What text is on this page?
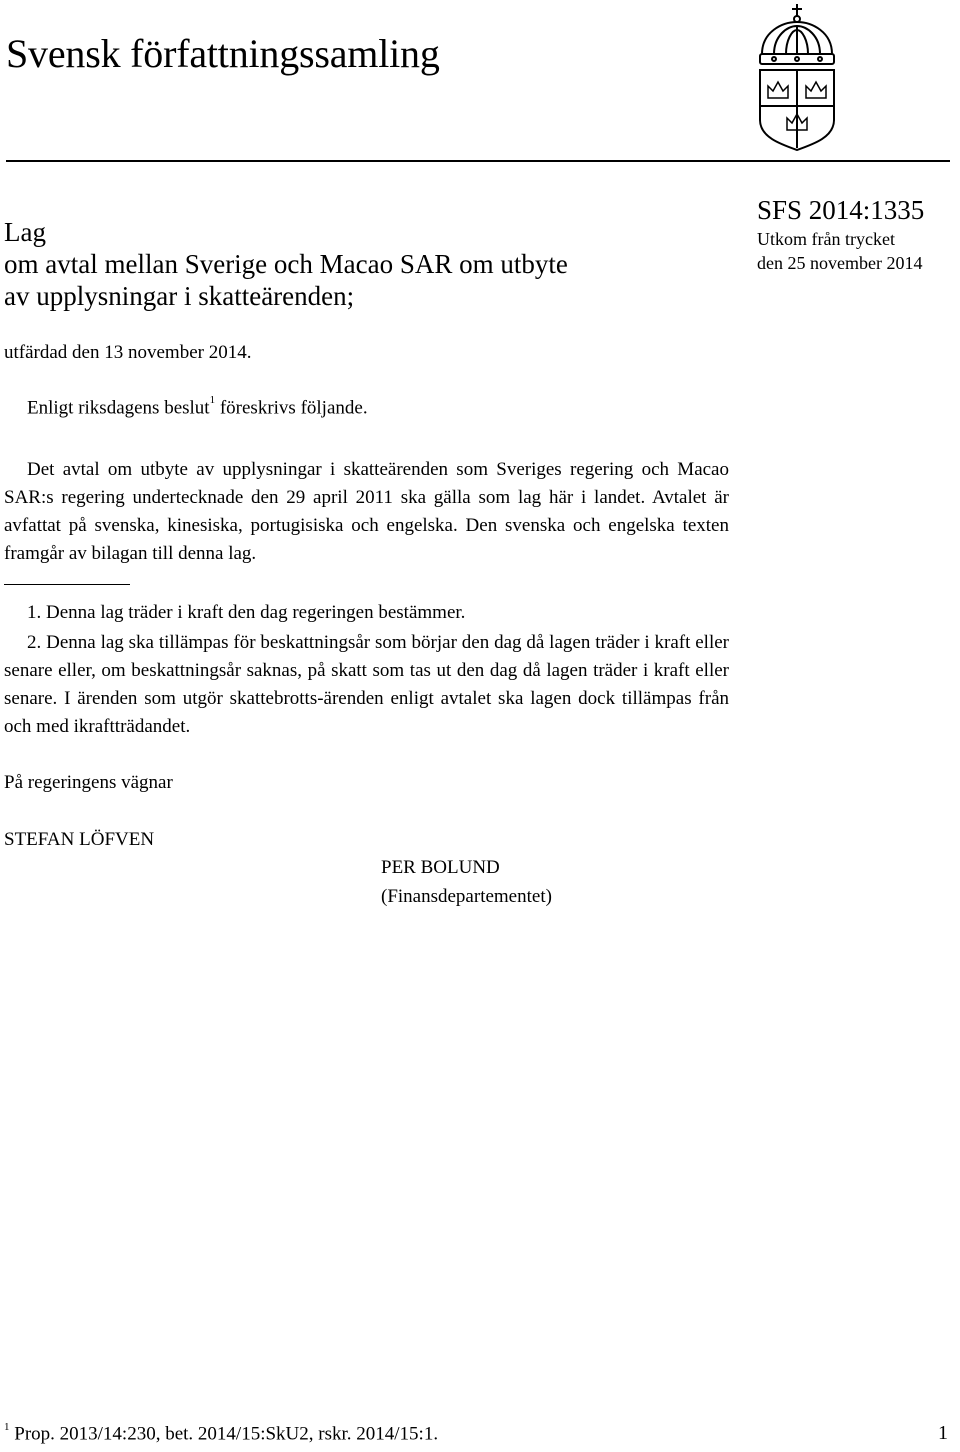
Svensk författningssamling
Lag
om avtal mellan Sverige och Macao SAR om utbyte
av upplysningar i skatteärenden;
SFS 2014:1335
Utkom från trycket
den 25 november 2014
utfärdad den 13 november 2014.
Enligt riksdagens beslut$^1$ föreskrivs följande.
Det avtal om utbyte av upplysningar i skatteärenden som Sveriges regering och Macao SAR:s regering undertecknade den 29 april 2011 ska gälla som lag här i landet. Avtalet är avfattat på svenska, kinesiska, portugisiska och engelska. Den svenska och engelska texten framgår av bilagan till denna lag.
1. Denna lag träder i kraft den dag regeringen bestämmer.
2. Denna lag ska tillämpas för beskattningsår som börjar den dag då lagen träder i kraft eller senare eller, om beskattningsår saknas, på skatt som tas ut den dag då lagen träder i kraft eller senare. I ärenden som utgör skattebrotts-ärenden enligt avtalet ska lagen dock tillämpas från och med ikraftträdandet.
På regeringens vägnar
STEFAN LÖFVEN
PER BOLUND
(Finansdepartementet)
$^1$ Prop. 2013/14:230, bet. 2014/15:SkU2, rskr. 2014/15:1.	1
